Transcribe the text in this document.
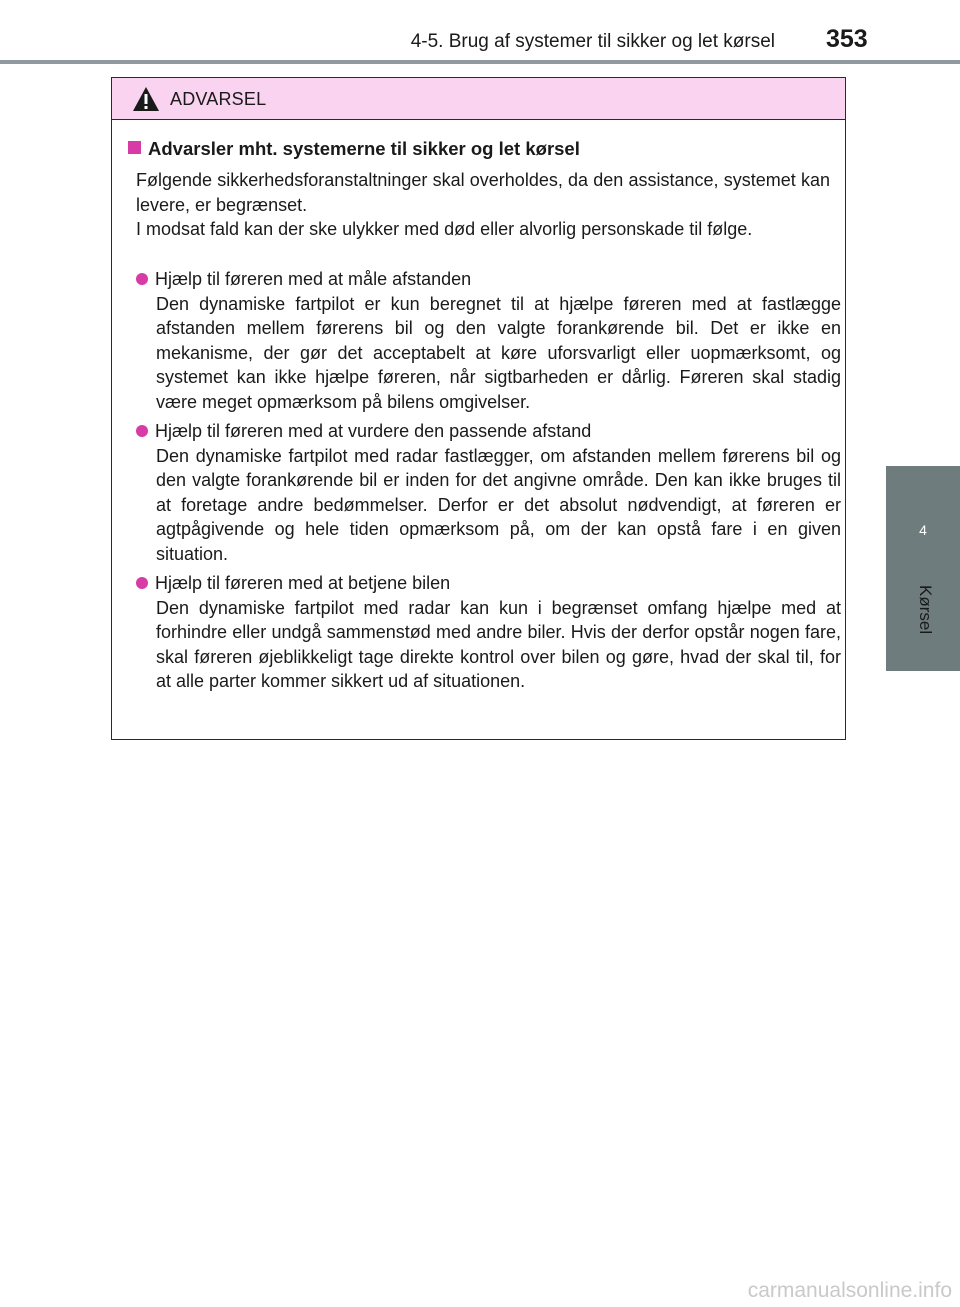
4-5. Brug af systemer til sikker og let kørsel 353
4
Kørsel
ADVARSEL
Advarsler mht. systemerne til sikker og let kørsel

Følgende sikkerhedsforanstaltninger skal overholdes, da den assistance, systemet kan levere, er begrænset.
I modsat fald kan der ske ulykker med død eller alvorlig personskade til følge.

Hjælp til føreren med at måle afstanden

Den dynamiske fartpilot er kun beregnet til at hjælpe føreren med at fastlægge afstanden mellem førerens bil og den valgte forankørende bil. Det er ikke en mekanisme, der gør det acceptabelt at køre uforsvarligt eller uopmærksomt, og systemet kan ikke hjælpe føreren, når sigtbarheden er dårlig. Føreren skal stadig være meget opmærksom på bilens omgivelser.

Hjælp til føreren med at vurdere den passende afstand

Den dynamiske fartpilot med radar fastlægger, om afstanden mellem førerens bil og den valgte forankørende bil er inden for det angivne område. Den kan ikke bruges til at foretage andre bedømmelser. Derfor er det absolut nødvendigt, at føreren er agtpågivende og hele tiden opmærksom på, om der kan opstå fare i en given situation.

Hjælp til føreren med at betjene bilen

Den dynamiske fartpilot med radar kan kun i begrænset omfang hjælpe med at forhindre eller undgå sammenstød med andre biler. Hvis der derfor opstår nogen fare, skal føreren øjeblikkeligt tage direkte kontrol over bilen og gøre, hvad der skal til, for at alle parter kommer sikkert ud af situationen.

carmanualsonline.info
